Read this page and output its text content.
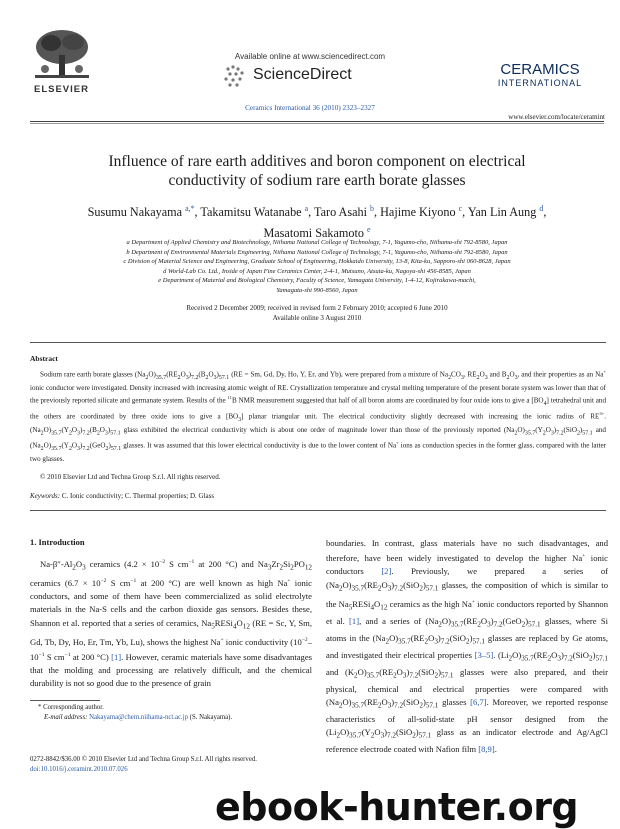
ELSEVIER
Available online at www.sciencedirect.com
ScienceDirect
Ceramics International 36 (2010) 2323–2327
CERAMICS
INTERNATIONAL
www.elsevier.com/locate/ceramint
Influence of rare earth additives and boron component on electrical
conductivity of sodium rare earth borate glasses
Susumu Nakayama $^{a,*}$, Takamitsu Watanabe $^a$, Taro Asahi $^b$, Hajime Kiyono $^c$, Yan Lin Aung $^d$,
Masatomi Sakamoto $^e$
a Department of Applied Chemistry and Biotechnology, Niihama National College of Technology, 7-1, Yagumo-cho, Niihama-shi 792-8580, Japan
b Department of Environmental Materials Engineering, Niihama National College of Technology, 7-1, Yagumo-cho, Niihama-shi 792-8580, Japan
c Division of Material Science and Engineering, Graduate School of Engineering, Hokkaido University, 13-8, Kita-ku, Sapporo-shi 060-8628, Japan
d World-Lab Co. Ltd., Inside of Japan Fine Ceramics Center, 2-4-1, Mutsuno, Atsuta-ku, Nagoya-shi 456-8585, Japan
e Department of Material and Biological Chemistry, Faculty of Science, Yamagata University, 1-4-12, Kojirakawa-machi,
Yamagata-shi 990-8560, Japan
Received 2 December 2009; received in revised form 2 February 2010; accepted 6 June 2010
Available online 3 August 2010
Abstract
Sodium rare earth borate glasses $(Na_2O)_{35.7}(RE_2O_3)_{7.2}(B_2O_3)_{57.1}$ (RE = Sm, Gd, Dy, Ho, Y, Er, and Yb), were prepared from a mixture of $Na_2CO_3$, $RE_2O_3$ and $B_2O_3$, and their properties as an Na+ ionic conductor were investigated. Density increased with increasing atomic weight of RE. Crystallization temperature and crystal melting temperature of the present borate system was lower than that of the previously reported silicate and germanate system. Results of the $^{11}$B NMR measurement suggested that half of all boron atoms are coordinated by four oxide ions to give a $[BO_4]$ tetrahedral unit and the others are coordinated by three oxide ions to give a $[BO_3]$ planar triangular unit. The electrical conductivity slightly decreased with increasing the ionic radius of $RE^{3+}$. $(Na_2O)_{35.7}(Y_2O_3)_{7.2}(B_2O_3)_{57.1}$ glass exhibited the electrical conductivity which is about one order of magnitude lower than those of the previously reported $(Na_2O)_{35.7}(Y_2O_3)_{7.2}(SiO_2)_{57.1}$ and $(Na_2O)_{35.7}(Y_2O_3)_{7.2}(GeO_2)_{57.1}$ glasses. It was assumed that this lower electrical conductivity is due to the lower content of Na+ ions as conduction species in the former glass, compared with the latter two glasses.
© 2010 Elsevier Ltd and Techna Group S.r.l. All rights reserved.
Keywords: C. Ionic conductivity; C. Thermal properties; D. Glass
1. Introduction
$Na-\beta''-Al_2O_3$ ceramics ($4.2 \times 10^{-2}$ S $cm^{-1}$ at 200 °C) and $Na_3Zr_2Si_2PO_{12}$ ceramics ($6.7 \times 10^{-2}$ S $cm^{-1}$ at 200 °C) are well known as high Na+ ionic conductors, and some of them have been commercialized as solid electrolyte materials in the Na-S cells and the carbon dioxide gas sensors. Besides these, Shannon et al. reported that a series of ceramics, $Na_5RESi_4O_{12}$ (RE = Sc, Y, Sm, Gd, Tb, Dy, Ho, Er, Tm, Yb, Lu), shows the highest Na+ ionic conductivity ($10^{-2}-10^{-1}$ S $cm^{-1}$ at 200 °C) [1]. However, ceramic materials have some disadvantages that the molding and processing are relatively difficult, and the chemical durability is not so good due to the presence of grain
boundaries. In contrast, glass materials have no such disadvantages, and therefore, have been widely investigated to develop the higher Na+ ionic conductors [2]. Previously, we prepared a series of $(Na_2O)_{35.7}(RE_2O_3)_{7.2}(SiO_2)_{57.1}$ glasses, the composition of which is similar to the $Na_5RESi_4O_{12}$ ceramics as the high Na+ ionic conductors reported by Shannon et al. [1], and a series of $(Na_2O)_{35.7}(RE_2O_3)_{7.2}(GeO_2)_{57.1}$ glasses, where Si atoms in the $(Na_2O)_{35.7}(RE_2O_3)_{7.2}(SiO_2)_{57.1}$ glasses are replaced by Ge atoms, and investigated their electrical properties [3–5]. $(Li_2O)_{35.7}(RE_2O_3)_{7.2}(SiO_2)_{57.1}$ and $(K_2O)_{35.7}(RE_2O_3)_{7.2}(SiO_2)_{57.1}$ glasses were also prepared, and their physical, chemical and electrical properties were compared with $(Na_2O)_{35.7}(RE_2O_3)_{7.2}(SiO_2)_{57.1}$ glasses [6,7]. Moreover, we reported response characteristics of all-solid-state pH sensor designed from the $(Li_2O)_{35.7}(Y_2O_3)_{7.2}(SiO_2)_{57.1}$ glass as an indicator electrode and Ag/AgCl reference electrode coated with Nafion film [8,9].
* Corresponding author.
E-mail address: Nakayama@chem.niihama-nct.ac.jp (S. Nakayama).
0272-8842/$36.00 © 2010 Elsevier Ltd and Techna Group S.r.l. All rights reserved.
doi:10.1016/j.ceramint.2010.07.026
ebook-hunter.org
